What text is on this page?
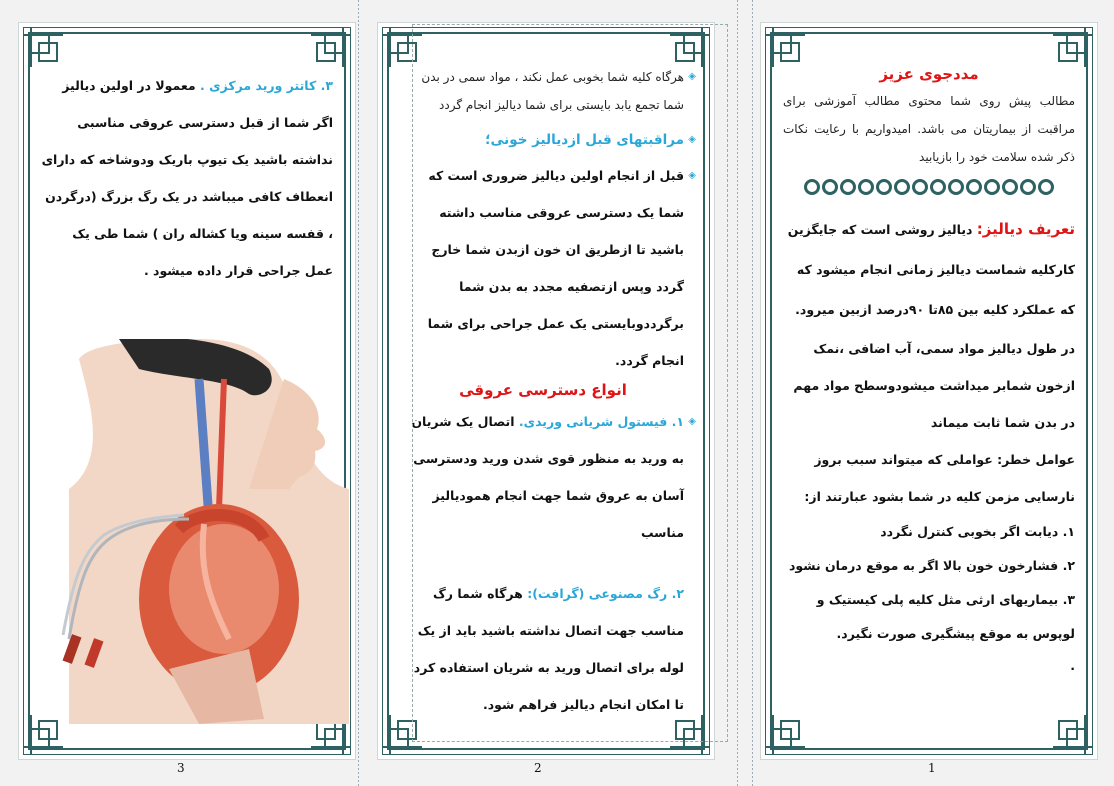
۳. کاتتر ورید مرکزی . معمولا در اولین دیالیز اگر شما از قبل دسترسی عروقی مناسبی نداشته باشید یک تیوپ باریک ودوشاخه که دارای انعطاف کافی میباشد در یک رگ بزرگ (درگردن ، قفسه سینه ویا کشاله ران ) شما طی یک عمل جراحی قرار داده میشود .

3

◈
هرگاه کلیه شما بخوبی عمل نکند ، مواد سمی در بدن شما تجمع یابد بایستی برای شما دیالیز انجام گردد

◈
مراقبتهای قبل ازدیالیز خونی؛

◈
قبل از انجام اولین دیالیز ضروری است که شما یک دسترسی عروقی مناسب داشته باشید تا ازطریق ان خون ازبدن شما خارج گردد وپس ازتصفیه مجدد به بدن شما برگرددوبایستی یک عمل جراحی برای شما انجام گردد.

انواع دسترسی عروقی

◈
۱. فیستول شریانی وریدی. اتصال یک شریان به ورید به منظور قوی شدن ورید ودسترسی آسان به عروق شما جهت انجام همودیالیز مناسب

۲. رگ مصنوعی (گرافت): هرگاه شما رگ مناسب جهت اتصال نداشته باشید باید از یک لوله برای اتصال ورید به شریان استفاده کرد تا امکان انجام دیالیز فراهم شود.

2

مددجوی عزیز

مطالب پیش روی شما محتوی مطالب آموزشی برای مراقبت از بیماریتان می باشد. امیدواریم با رعایت نکات ذکر شده سلامت خود را بازیابید

تعریف دیالیز: دیالیز روشی است که جایگزین کارکلیه شماست دیالیز زمانی انجام میشود که که عملکرد کلیه بین ۸۵تا ۹۰درصد ازبین میرود.

در طول دیالیز مواد سمی، آب اضافی ،نمک ازخون شمابر میداشت میشودوسطح مواد مهم در بدن شما ثابت میماند

عوامل خطر: عواملی که میتواند سبب بروز نارسایی مزمن کلیه در شما بشود عبارتند از:

۱. دیابت اگر بخوبی کنترل نگردد

۲. فشارخون خون بالا اگر به موقع درمان نشود

۳. بیماریهای ارثی مثل کلیه پلی کیستیک و لوپوس به موقع پیشگیری صورت نگیرد.

.

1
